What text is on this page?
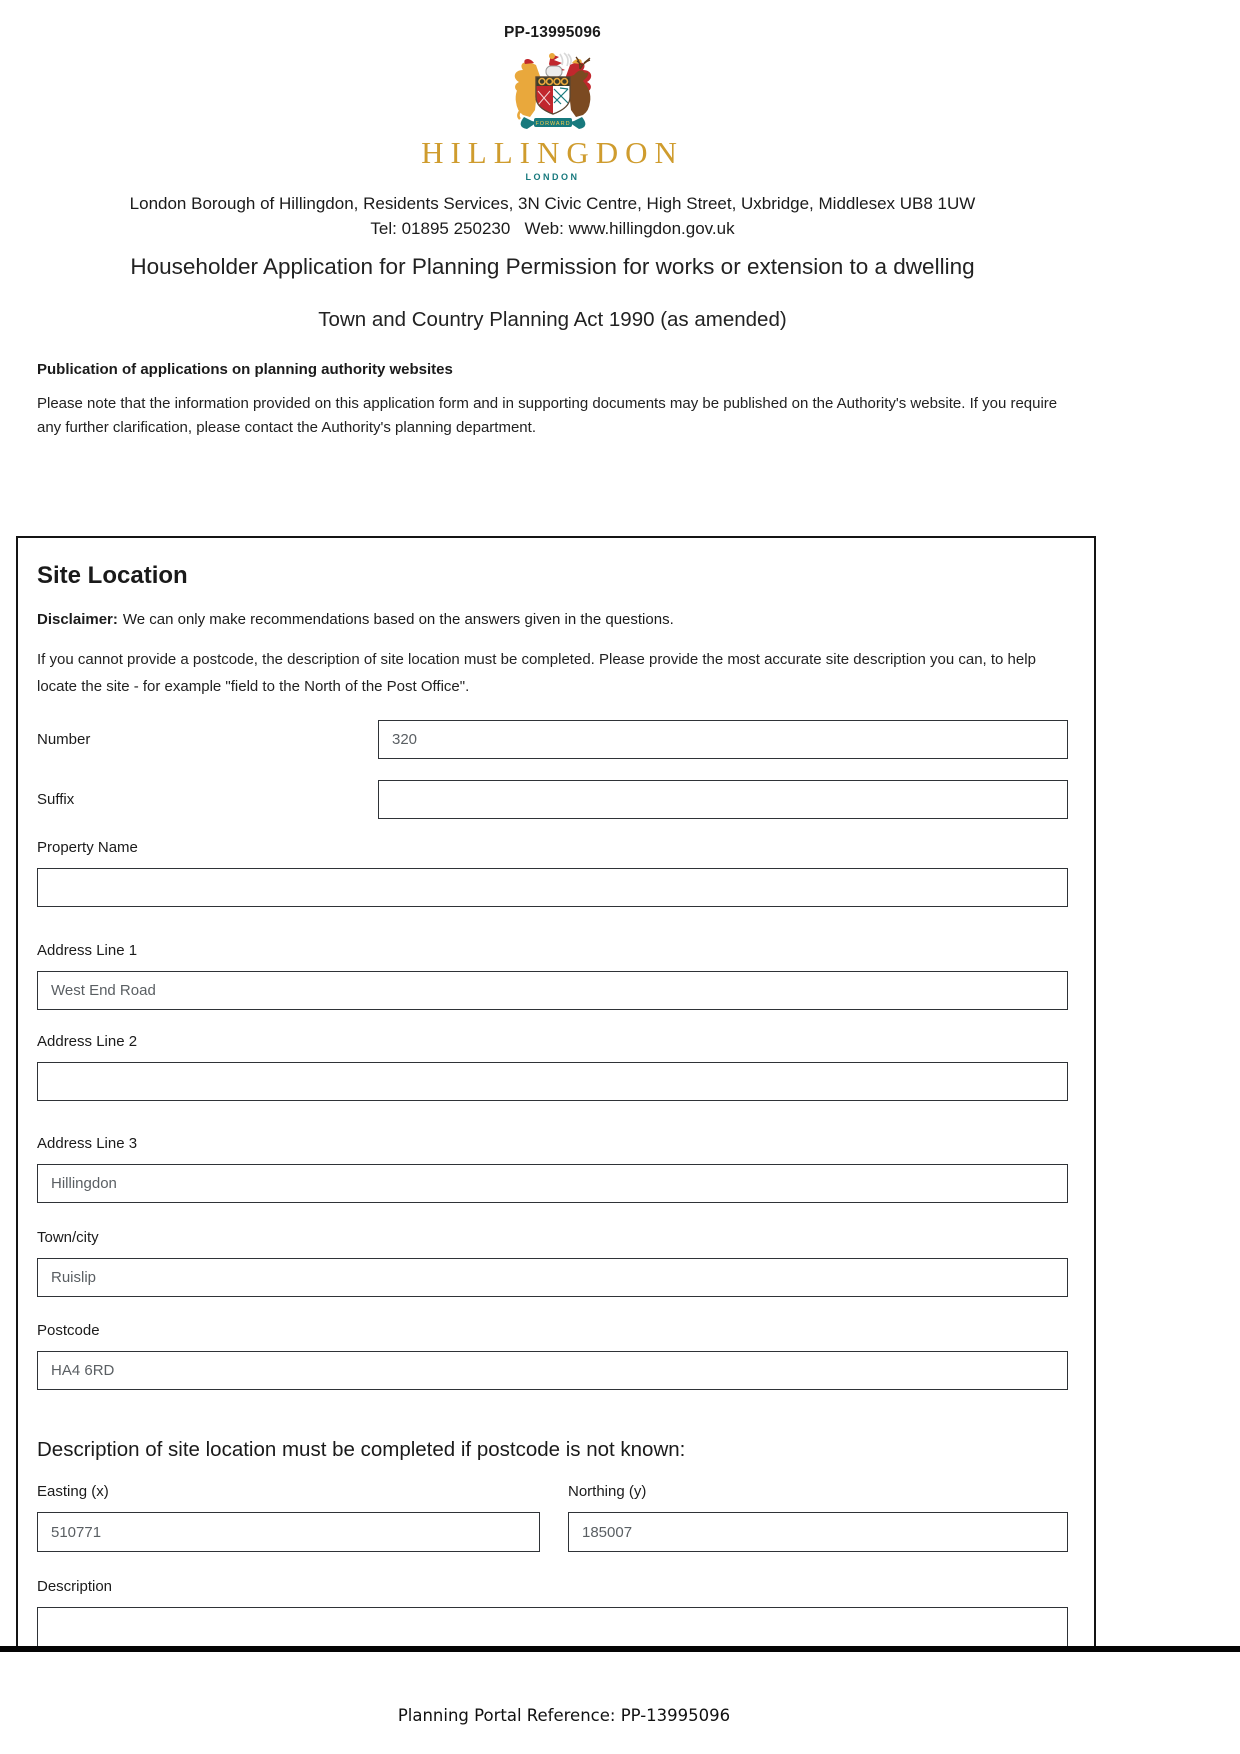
PP-13995096
FORWARD
HILLINGDON
LONDON
London Borough of Hillingdon, Residents Services, 3N Civic Centre, High Street, Uxbridge, Middlesex UB8 1UW
Tel: 01895 250230   Web: www.hillingdon.gov.uk
Householder Application for Planning Permission for works or extension to a dwelling
Town and Country Planning Act 1990 (as amended)
Publication of applications on planning authority websites
Please note that the information provided on this application form and in supporting documents may be published on the Authority's website. If you require any further clarification, please contact the Authority's planning department.
Site Location
Disclaimer: We can only make recommendations based on the answers given in the questions.
If you cannot provide a postcode, the description of site location must be completed. Please provide the most accurate site description you can, to help locate the site - for example "field to the North of the Post Office".
Number
320
Suffix
Property Name
Address Line 1
West End Road
Address Line 2
Address Line 3
Hillingdon
Town/city
Ruislip
Postcode
HA4 6RD
Description of site location must be completed if postcode is not known:
Easting (x)
510771	Northing (y)
185007
Description
Planning Portal Reference: PP-13995096
